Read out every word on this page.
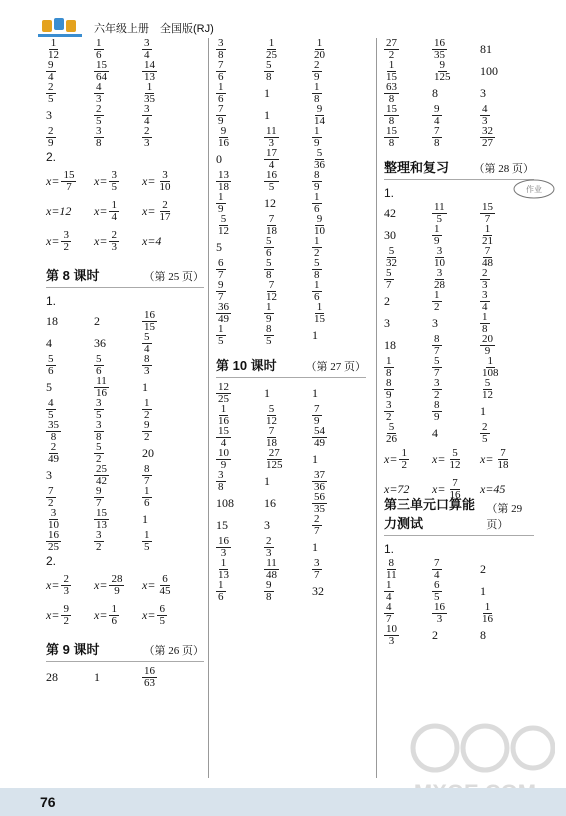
六年级上册　全国版(RJ)
$\frac{1}{12}$	$\frac{1}{6}$	$\frac{3}{4}$
$\frac{9}{4}$	$\frac{15}{64}$	$\frac{14}{13}$
$\frac{2}{5}$	$\frac{4}{3}$	$\frac{1}{35}$
3	$\frac{2}{5}$	$\frac{3}{4}$
$\frac{2}{9}$	$\frac{3}{8}$	$\frac{2}{3}$
2.
$x= \frac{15}{7} x= \frac{3}{5} x= \frac{3}{10}$
x=12 $x= \frac{1}{4} x= \frac{2}{17}$
$x= \frac{3}{2} x= \frac{2}{3} x=4$
第 8 课时	（第 25 页）
1.
18	2	$\frac{16}{15}$
4	36	$\frac{5}{4}$
$\frac{5}{6}$	$\frac{5}{6}$	$\frac{8}{3}$
5	$\frac{11}{16}$	1
$\frac{4}{5}$	$\frac{3}{5}$	$\frac{1}{2}$
$\frac{35}{8}$	$\frac{3}{8}$	$\frac{9}{2}$
$\frac{2}{49}$	$\frac{5}{2}$	20
3	$\frac{25}{42}$	$\frac{8}{7}$
$\frac{7}{2}$	$\frac{9}{7}$	$\frac{1}{6}$
$\frac{3}{10}$	$\frac{15}{13}$	1
$\frac{16}{25}$	$\frac{3}{2}$	$\frac{1}{5}$
2.
$x= \frac{2}{3} x= \frac{28}{9} x= \frac{6}{45}$
$x= \frac{9}{2} x= \frac{1}{6} x= \frac{6}{5}$
第 9 课时	（第 26 页）
28	1	$\frac{16}{63}$
$\frac{3}{8}$	$\frac{1}{25}$	$\frac{1}{20}$
$\frac{7}{6}$	$\frac{5}{8}$	$\frac{2}{9}$
$\frac{1}{6}$	1	$\frac{1}{8}$
$\frac{7}{9}$	1	$\frac{9}{14}$
$\frac{9}{16}$	$\frac{11}{3}$	$\frac{1}{9}$
0	$\frac{17}{4}$	$\frac{5}{36}$
$\frac{13}{18}$	$\frac{16}{5}$	$\frac{8}{9}$
$\frac{1}{9}$	12	$\frac{1}{6}$
$\frac{5}{12}$	$\frac{7}{18}$	$\frac{9}{10}$
5	$\frac{5}{6}$	$\frac{1}{2}$
$\frac{6}{7}$	$\frac{5}{8}$	$\frac{5}{8}$
$\frac{9}{7}$	$\frac{7}{12}$	$\frac{1}{6}$
$\frac{36}{49}$	$\frac{1}{9}$	$\frac{1}{15}$
$\frac{1}{5}$	$\frac{8}{5}$	1
第 10 课时	（第 27 页）
$\frac{12}{25}$	1	1
$\frac{1}{16}$	$\frac{5}{12}$	$\frac{7}{9}$
$\frac{15}{4}$	$\frac{7}{18}$	$\frac{54}{49}$
$\frac{10}{9}$	$\frac{27}{125} 1$
$\frac{3}{8}$	1	$\frac{37}{36}$
108	16	$\frac{56}{35}$
15	3	$\frac{2}{7}$
$\frac{16}{3}$	$\frac{2}{3}$	1
$\frac{1}{13}$	$\frac{11}{48}$	$\frac{3}{7}$
$\frac{1}{6}$	$\frac{9}{8}$	32
$\frac{27}{2}$	$\frac{16}{35}$	81
$\frac{1}{15}$	$\frac{9}{125} 100$
$\frac{63}{8}$	8	3
$\frac{15}{8}$	$\frac{9}{4}$	$\frac{4}{3}$
$\frac{15}{8}$	$\frac{7}{8}$	$\frac{32}{27}$
整理和复习 （第 28 页）
1.
42	$\frac{11}{5}$	$\frac{15}{7}$
30	$\frac{1}{9}$	$\frac{1}{21}$
$\frac{5}{32}$	$\frac{3}{10}$	$\frac{7}{48}$
$\frac{5}{7}$	$\frac{3}{28}$	$\frac{2}{3}$
2	$\frac{1}{2}$	$\frac{3}{4}$
3	3	$\frac{1}{8}$
18	$\frac{8}{7}$	$\frac{20}{9}$
$\frac{1}{8}$	$\frac{5}{7}$	$\frac{1}{108}$
$\frac{8}{9}$	$\frac{3}{2}$	$\frac{5}{12}$
$\frac{3}{2}$	$\frac{8}{9}$	1
$\frac{5}{26}$	4	$\frac{2}{5}$
$x= \frac{1}{2} x= \frac{5}{12} x= \frac{7}{18}$
x=72 $x= \frac{7}{16} x=45$
第三单元口算能力测试
（第 29 页）
1.
$\frac{8}{11}$	$\frac{7}{4}$	2
$\frac{1}{4}$	$\frac{6}{5}$	1
$\frac{4}{7}$	$\frac{16}{3}$	$\frac{1}{16}$
$\frac{10}{3}$	2	8
作业
76
